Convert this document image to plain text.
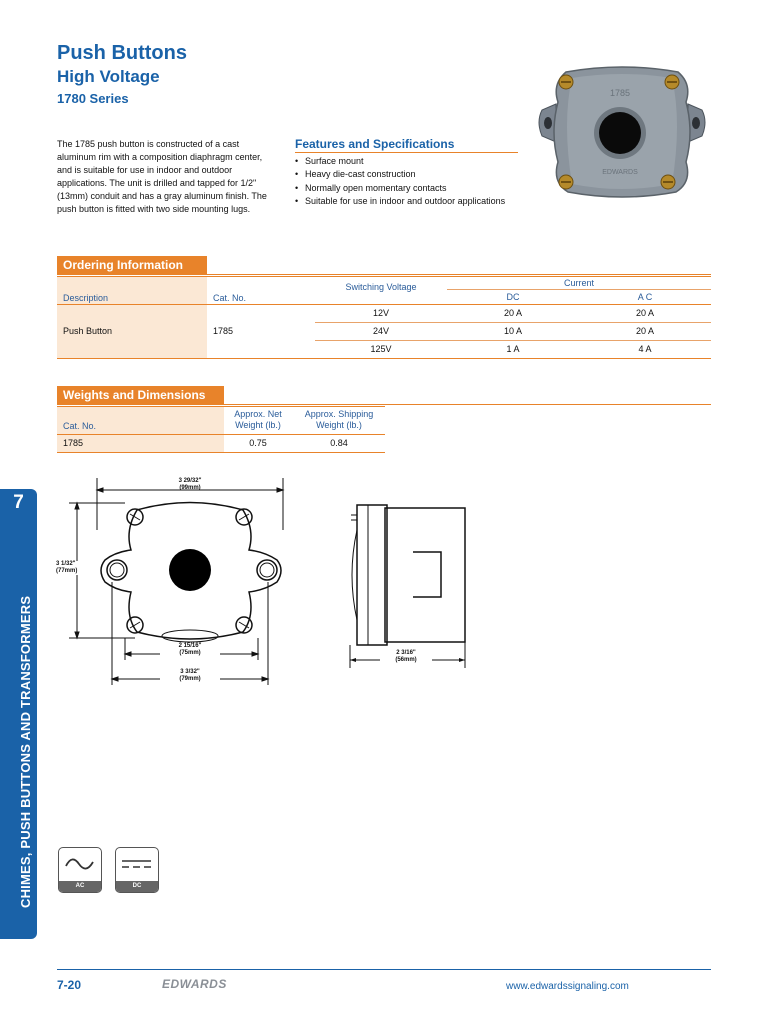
Push Buttons
High Voltage
1780 Series
The 1785 push button is constructed of a cast aluminum rim with a composition diaphragm center, and is suitable for use in indoor and outdoor applications. The unit is drilled and tapped for 1/2" (13mm) conduit and has a gray aluminum finish. The push button is fitted with two side mounting lugs.
Features and Specifications
• Surface mount
• Heavy die-cast construction
• Normally open momentary contacts
• Suitable for use in indoor and outdoor applications
1785
EDWARDS
Ordering Information
Description	Cat. No.
Switching Voltage	Current
DC	A C
Push Button	1785
12V	20 A	20 A
24V	10 A	20 A
125V	1 A	4 A
Weights and Dimensions
Cat. No.
Approx. Net Weight (lb.)
Approx. Shipping Weight (lb.)
1785	0.75	0.84
3 29/32"
(99mm)
3 1/32"
(77mm)
2 15/16"
(75mm)
3 3/32"
(79mm)
2 3/16"
(56mm)
7
CHIMES, PUSH BUTTONS AND TRANSFORMERS	AC	DC
7-20	EDWARDS	www.edwardssignaling.com
